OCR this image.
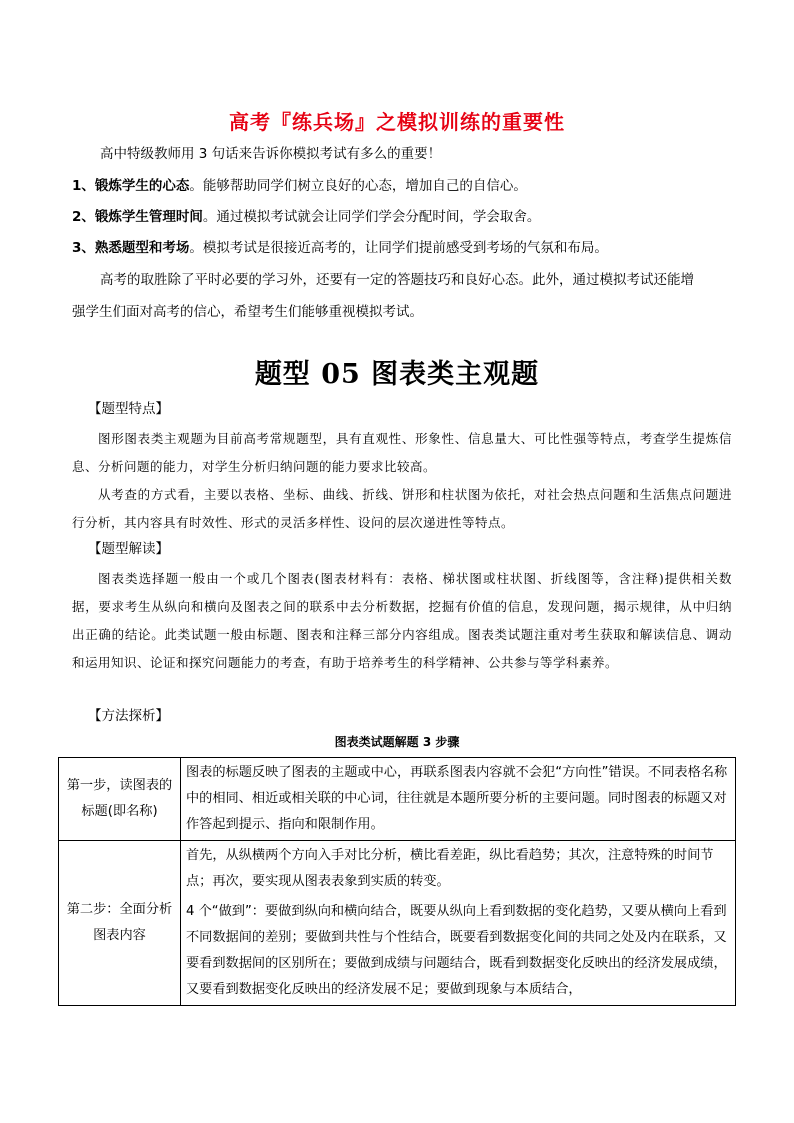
高考『练兵场』之模拟训练的重要性
高中特级教师用 3 句话来告诉你模拟考试有多么的重要！
1、锻炼学生的心态。能够帮助同学们树立良好的心态，增加自己的自信心。
2、锻炼学生管理时间。通过模拟考试就会让同学们学会分配时间，学会取舍。
3、熟悉题型和考场。模拟考试是很接近高考的，让同学们提前感受到考场的气氛和布局。
高考的取胜除了平时必要的学习外，还要有一定的答题技巧和良好心态。此外，通过模拟考试还能增
强学生们面对高考的信心，希望考生们能够重视模拟考试。
题型 05 图表类主观题
【题型特点】

图形图表类主观题为目前高考常规题型，具有直观性、形象性、信息量大、可比性强等特点，考查学生提炼信息、分析问题的能力，对学生分析归纳问题的能力要求比较高。

从考查的方式看，主要以表格、坐标、曲线、折线、饼形和柱状图为依托，对社会热点问题和生活焦点问题进行分析，其内容具有时效性、形式的灵活多样性、设问的层次递进性等特点。

【题型解读】

图表类选择题一般由一个或几个图表(图表材料有：表格、梯状图或柱状图、折线图等，含注释)提供相关数据，要求考生从纵向和横向及图表之间的联系中去分析数据，挖掘有价值的信息，发现问题，揭示规律，从中归纳出正确的结论。此类试题一般由标题、图表和注释三部分内容组成。图表类试题注重对考生获取和解读信息、调动和运用知识、论证和探究问题能力的考查，有助于培养考生的科学精神、公共参与等学科素养。

【方法探析】
图表类试题解题 3 步骤
第一步，读图表的标题(即名称)	图表的标题反映了图表的主题或中心，再联系图表内容就不会犯“方向性”错误。不同表格名称中的相同、相近或相关联的中心词，往往就是本题所要分析的主要问题。同时图表的标题又对作答起到提示、指向和限制作用。
第二步：全面分析图表内容	首先，从纵横两个方向入手对比分析，横比看差距，纵比看趋势；其次，注意特殊的时间节点；再次，要实现从图表表象到实质的转变。
4 个“做到”：要做到纵向和横向结合，既要从纵向上看到数据的变化趋势，又要从横向上看到不同数据间的差别；要做到共性与个性结合，既要看到数据变化间的共同之处及内在联系，又要看到数据间的区别所在；要做到成绩与问题结合，既看到数据变化反映出的经济发展成绩，又要看到数据变化反映出的经济发展不足；要做到现象与本质结合，
